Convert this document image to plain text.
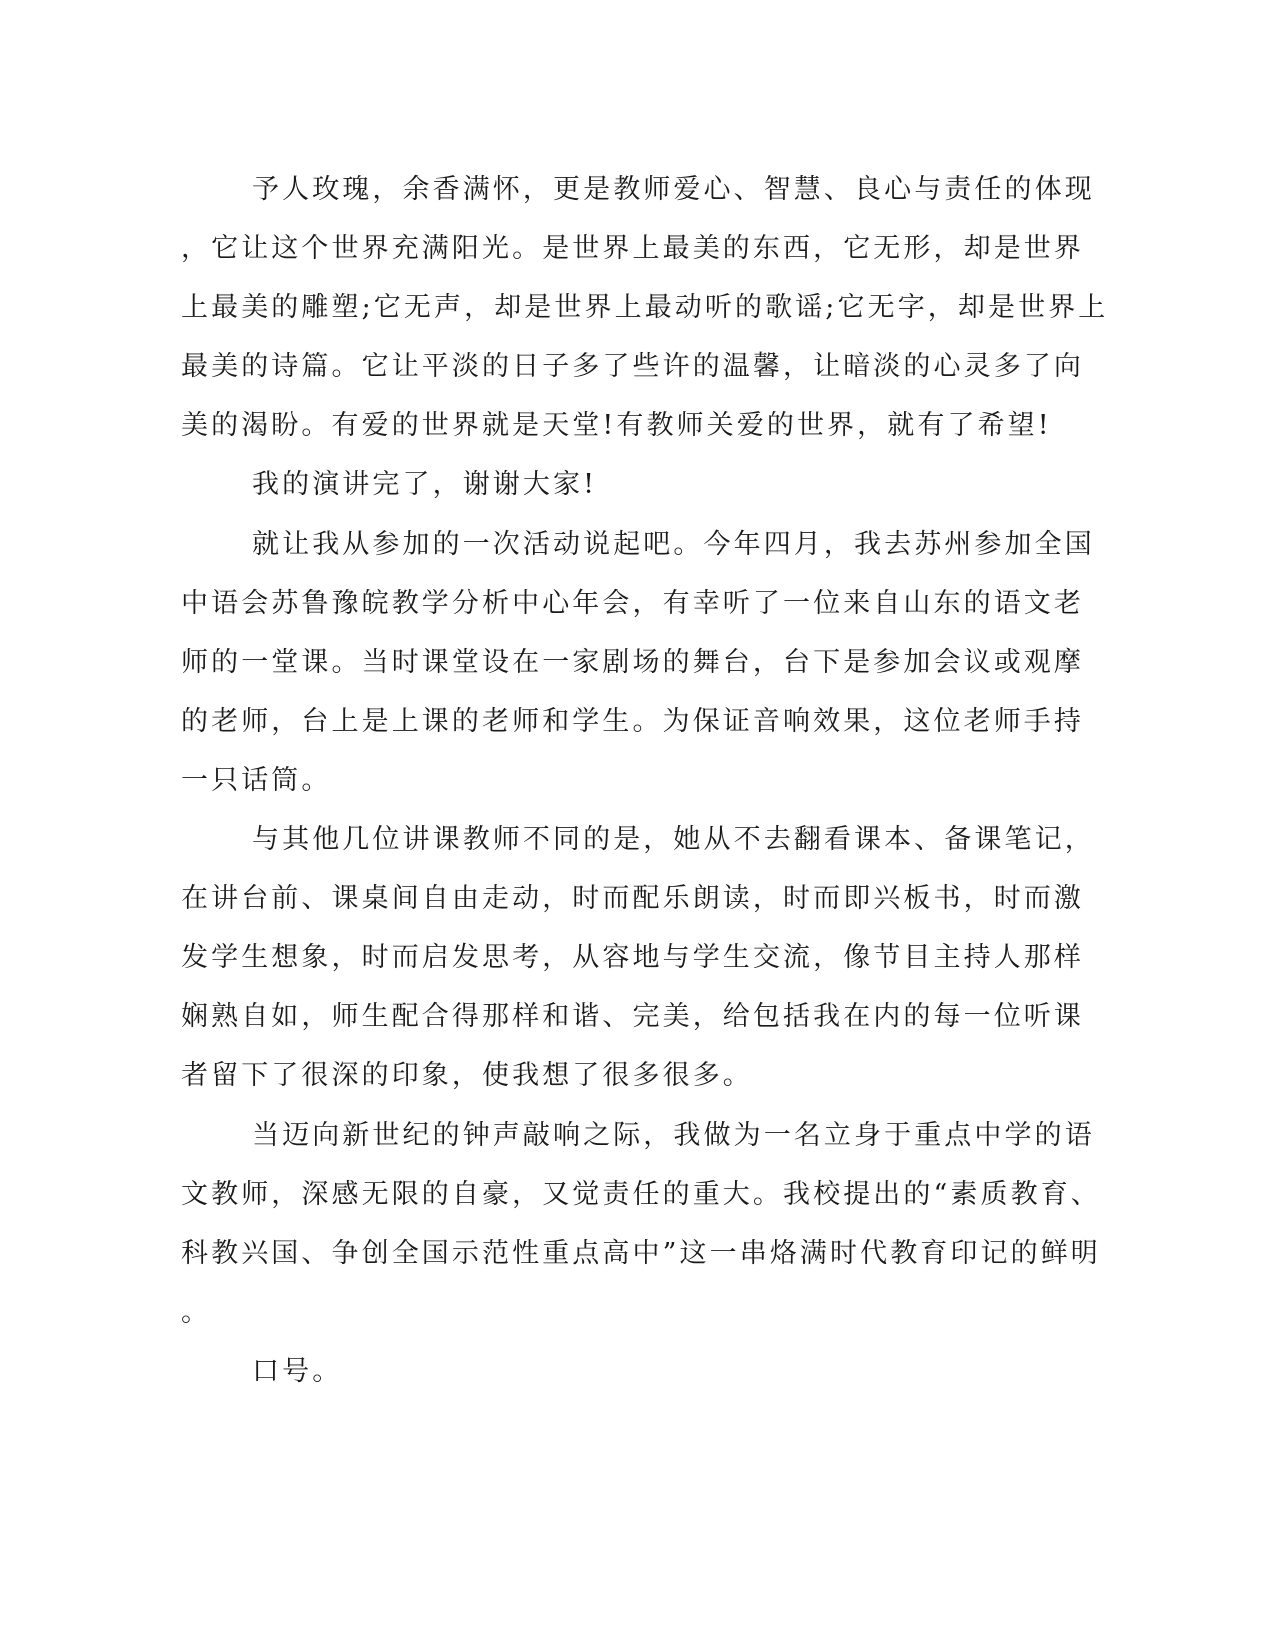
予人玫瑰，余香满怀，更是教师爱心、智慧、良心与责任的体现
，它让这个世界充满阳光。是世界上最美的东西，它无形，却是世界
上最美的雕塑;它无声，却是世界上最动听的歌谣;它无字，却是世界上
最美的诗篇。它让平淡的日子多了些许的温馨，让暗淡的心灵多了向
美的渴盼。有爱的世界就是天堂!有教师关爱的世界，就有了希望!
我的演讲完了，谢谢大家!
就让我从参加的一次活动说起吧。今年四月，我去苏州参加全国
中语会苏鲁豫皖教学分析中心年会，有幸听了一位来自山东的语文老
师的一堂课。当时课堂设在一家剧场的舞台，台下是参加会议或观摩
的老师，台上是上课的老师和学生。为保证音响效果，这位老师手持
一只话筒。
与其他几位讲课教师不同的是，她从不去翻看课本、备课笔记，
在讲台前、课桌间自由走动，时而配乐朗读，时而即兴板书，时而激
发学生想象，时而启发思考，从容地与学生交流，像节目主持人那样
娴熟自如，师生配合得那样和谐、完美，给包括我在内的每一位听课
者留下了很深的印象，使我想了很多很多。
当迈向新世纪的钟声敲响之际，我做为一名立身于重点中学的语
文教师，深感无限的自豪，又觉责任的重大。我校提出的“素质教育、
科教兴国、争创全国示范性重点高中”这一串烙满时代教育印记的鲜明
。
口号。
